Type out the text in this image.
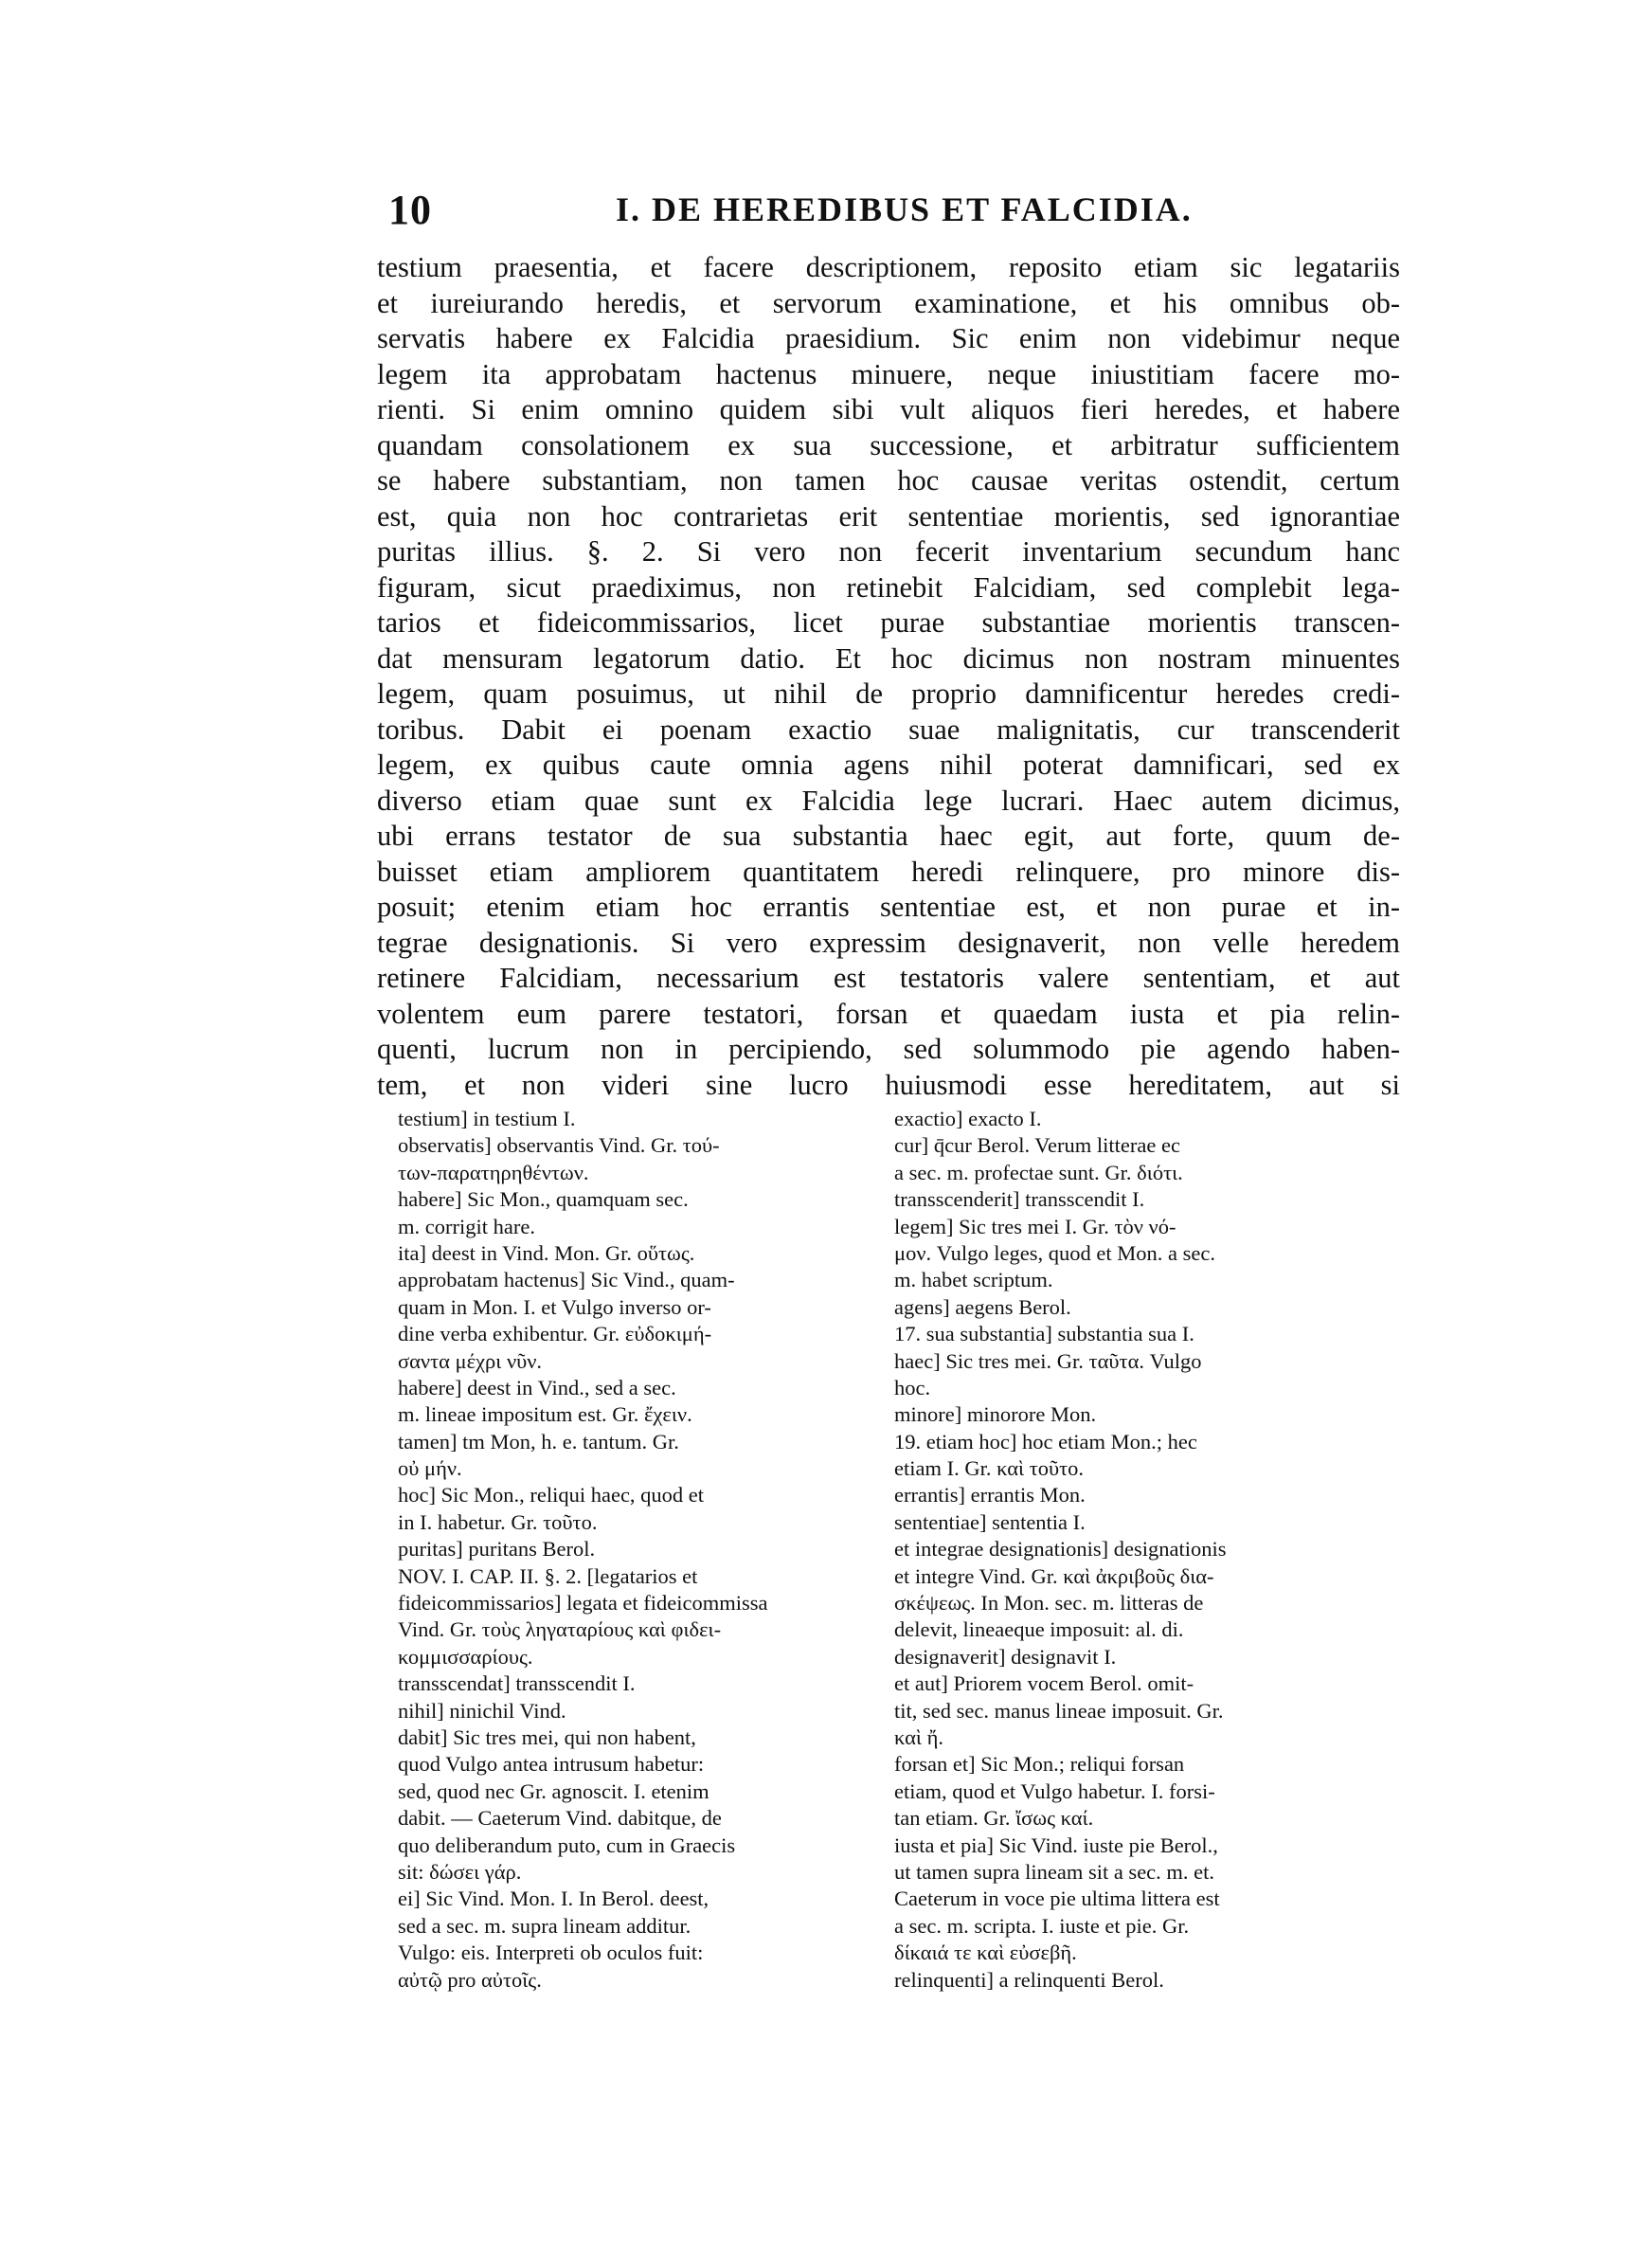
10	I. DE HEREDIBUS ET FALCIDIA.
testium praesentia, et facere descriptionem, reposito etiam sic legatariis
et iureiurando heredis, et servorum examinatione, et his omnibus ob-
servatis habere ex Falcidia praesidium. Sic enim non videbimur neque
legem ita approbatam hactenus minuere, neque iniustitiam facere mo-
rienti. Si enim omnino quidem sibi vult aliquos fieri heredes, et habere
quandam consolationem ex sua successione, et arbitratur sufficientem
se habere substantiam, non tamen hoc causae veritas ostendit, certum
est, quia non hoc contrarietas erit sententiae morientis, sed ignorantiae
puritas illius. §. 2. Si vero non fecerit inventarium secundum hanc
figuram, sicut praediximus, non retinebit Falcidiam, sed complebit lega-
tarios et fideicommissarios, licet purae substantiae morientis transcen-
dat mensuram legatorum datio. Et hoc dicimus non nostram minuentes
legem, quam posuimus, ut nihil de proprio damnificentur heredes credi-
toribus. Dabit ei poenam exactio suae malignitatis, cur transcenderit
legem, ex quibus caute omnia agens nihil poterat damnificari, sed ex
diverso etiam quae sunt ex Falcidia lege lucrari. Haec autem dicimus,
ubi errans testator de sua substantia haec egit, aut forte, quum de-
buisset etiam ampliorem quantitatem heredi relinquere, pro minore dis-
posuit; etenim etiam hoc errantis sententiae est, et non purae et in-
tegrae designationis. Si vero expressim designaverit, non velle heredem
retinere Falcidiam, necessarium est testatoris valere sententiam, et aut
volentem eum parere testatori, forsan et quaedam iusta et pia relin-
quenti, lucrum non in percipiendo, sed solummodo pie agendo haben-
tem, et non videri sine lucro huiusmodi esse hereditatem, aut si
testium] in testium I.
observatis] observantis Vind. Gr. τού-
των-παρατηρηθέντων.
habere] Sic Mon., quamquam sec.
m. corrigit hare.
ita] deest in Vind. Mon. Gr. οὕτως.
approbatam hactenus] Sic Vind., quam-
quam in Mon. I. et Vulgo inverso or-
dine verba exhibentur. Gr. εὐδοκιμή-
σαντα μέχρι νῦν.
habere] deest in Vind., sed a sec.
m. lineae impositum est. Gr. ἔχειν.
tamen] tm Mon, h. e. tantum. Gr.
οὐ μήν.
hoc] Sic Mon., reliqui haec, quod et
in I. habetur. Gr. τοῦτο.
puritas] puritans Berol.
NOV. I. CAP. II. §. 2. [legatarios et
fideicommissarios] legata et fideicommissa
Vind. Gr. τοὺς ληγαταρίους καὶ φιδει-
κομμισσαρίους.
transscendat] transscendit I.
nihil] ninichil Vind.
dabit] Sic tres mei, qui non habent,
quod Vulgo antea intrusum habetur:
sed, quod nec Gr. agnoscit. I. etenim
dabit. — Caeterum Vind. dabitque, de
quo deliberandum puto, cum in Graecis
sit: δώσει γάρ.
ei] Sic Vind. Mon. I. In Berol. deest,
sed a sec. m. supra lineam additur.
Vulgo: eis. Interpreti ob oculos fuit:
αὐτῷ pro αὐτοῖς.
exactio] exacto I.
cur] q̄cur Berol. Verum litterae ec
a sec. m. profectae sunt. Gr. διότι.
transscenderit] transscendit I.
legem] Sic tres mei I. Gr. τὸν νό-
μον. Vulgo leges, quod et Mon. a sec.
m. habet scriptum.
agens] aegens Berol.
17. sua substantia] substantia sua I.
haec] Sic tres mei. Gr. ταῦτα. Vulgo
hoc.
minore] minorore Mon.
19. etiam hoc] hoc etiam Mon.; hec
etiam I. Gr. καὶ τοῦτο.
errantis] errantis Mon.
sententiae] sententia I.
et integrae designationis] designationis
et integre Vind. Gr. καὶ ἀκριβοῦς δια-
σκέψεως. In Mon. sec. m. litteras de
delevit, lineaeque imposuit: al. di.
designaverit] designavit I.
et aut] Priorem vocem Berol. omit-
tit, sed sec. manus lineae imposuit. Gr.
καὶ ἤ.
forsan et] Sic Mon.; reliqui forsan
etiam, quod et Vulgo habetur. I. forsi-
tan etiam. Gr. ἴσως καί.
iusta et pia] Sic Vind. iuste pie Berol.,
ut tamen supra lineam sit a sec. m. et.
Caeterum in voce pie ultima littera est
a sec. m. scripta. I. iuste et pie. Gr.
δίκαιά τε καὶ εὐσεβῆ.
relinquenti] a relinquenti Berol.
